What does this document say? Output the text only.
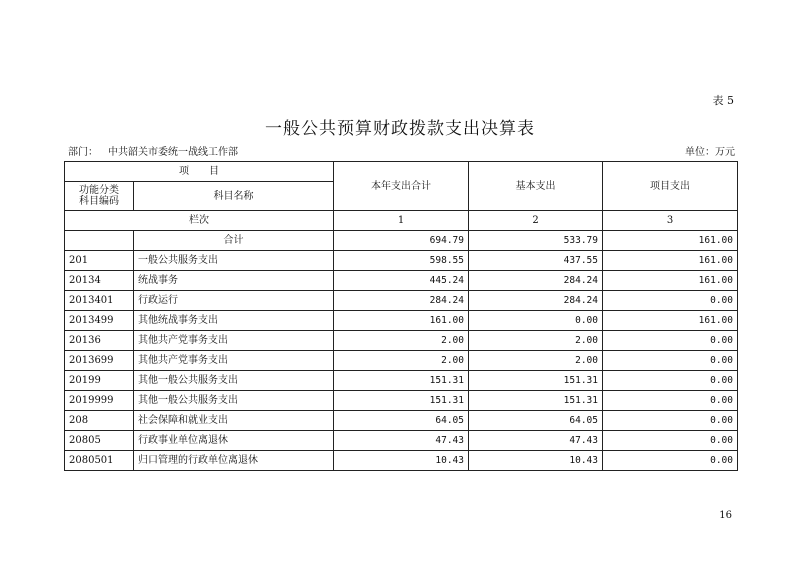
表 5
一般公共预算财政拨款支出决算表
部门： 中共韶关市委统一战线工作部	单位：万元
项　　目		本年支出合计	基本支出	项目支出

功能分类
科目编码	科目名称			
栏次		1	2	3
	合计	694.79	533.79	161.00
201	一般公共服务支出	598.55	437.55	161.00
20134	统战事务	445.24	284.24	161.00
2013401	行政运行	284.24	284.24	0.00
2013499	其他统战事务支出	161.00	0.00	161.00
20136	其他共产党事务支出	2.00	2.00	0.00
2013699	其他共产党事务支出	2.00	2.00	0.00
20199	其他一般公共服务支出	151.31	151.31	0.00
2019999	其他一般公共服务支出	151.31	151.31	0.00
208	社会保障和就业支出	64.05	64.05	0.00
20805	行政事业单位离退休	47.43	47.43	0.00
2080501	归口管理的行政单位离退休	10.43	10.43	0.00
16
